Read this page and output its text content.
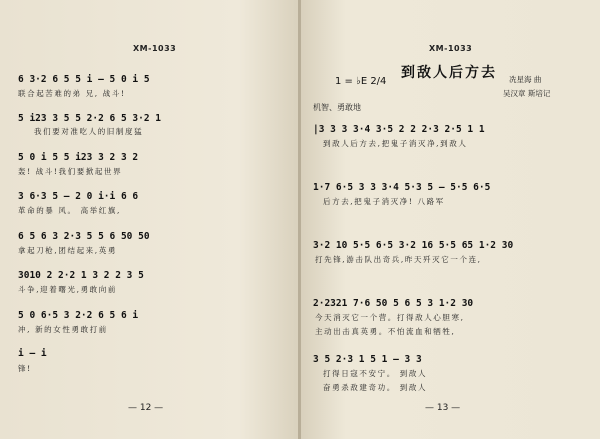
XM-1033
6 3·2 6 5 5 i — 5 0 i 5
联合起苦难的弟 兄, 战斗!
5 i23 3 5 5 2·2 6 5 3·2 1
我们要对准吃人的旧制度猛
5 0 i 5 5 i23 3 2 3 2
轰! 战斗!我们要掀起世界
3 6·3 5 — 2 0 i·i 6 6
革命的暴 风。 高举红旗,
6 5 6 3 2·3 5 5 6 50 50
拿起刀枪,团结起来,英勇
3010 2 2·2 1 3 2 2 3 5
斗争,迎着曙光,勇敢向前
5 0 6·5 3 2·2 6 5 6 i
冲, 新的女性勇敢打前
i — i
锋!
— 12 —
XM-1033
到敌人后方去
1 = ♭E 2/4	冼星海 曲
吴汉章 斯培记
机智、勇敢地
|3 3 3 3·4 3·5 2 2 2·3 2·5 1 1
到敌人后方去,把鬼子消灭净,到敌人
1·7 6·5 3 3 3·4 5·3 5 — 5·5 6·5
后方去,把鬼子消灭净! 八路军
3·2 10 5·5 6·5 3·2 16 5·5 65 1·2 30
打先锋,游击队出奇兵,昨天歼灭它一个连,
2·2321 7·6 50 5 6 5 3 1·2 30
今天消灭它一个营。打得敌人心胆寒,
主动出击真英勇。不怕流血和牺牲,
3 5 2·3 1 5 1 — 3 3
打得日寇不安宁。 到敌人
奋勇杀敌建奇功。 到敌人
— 13 —
